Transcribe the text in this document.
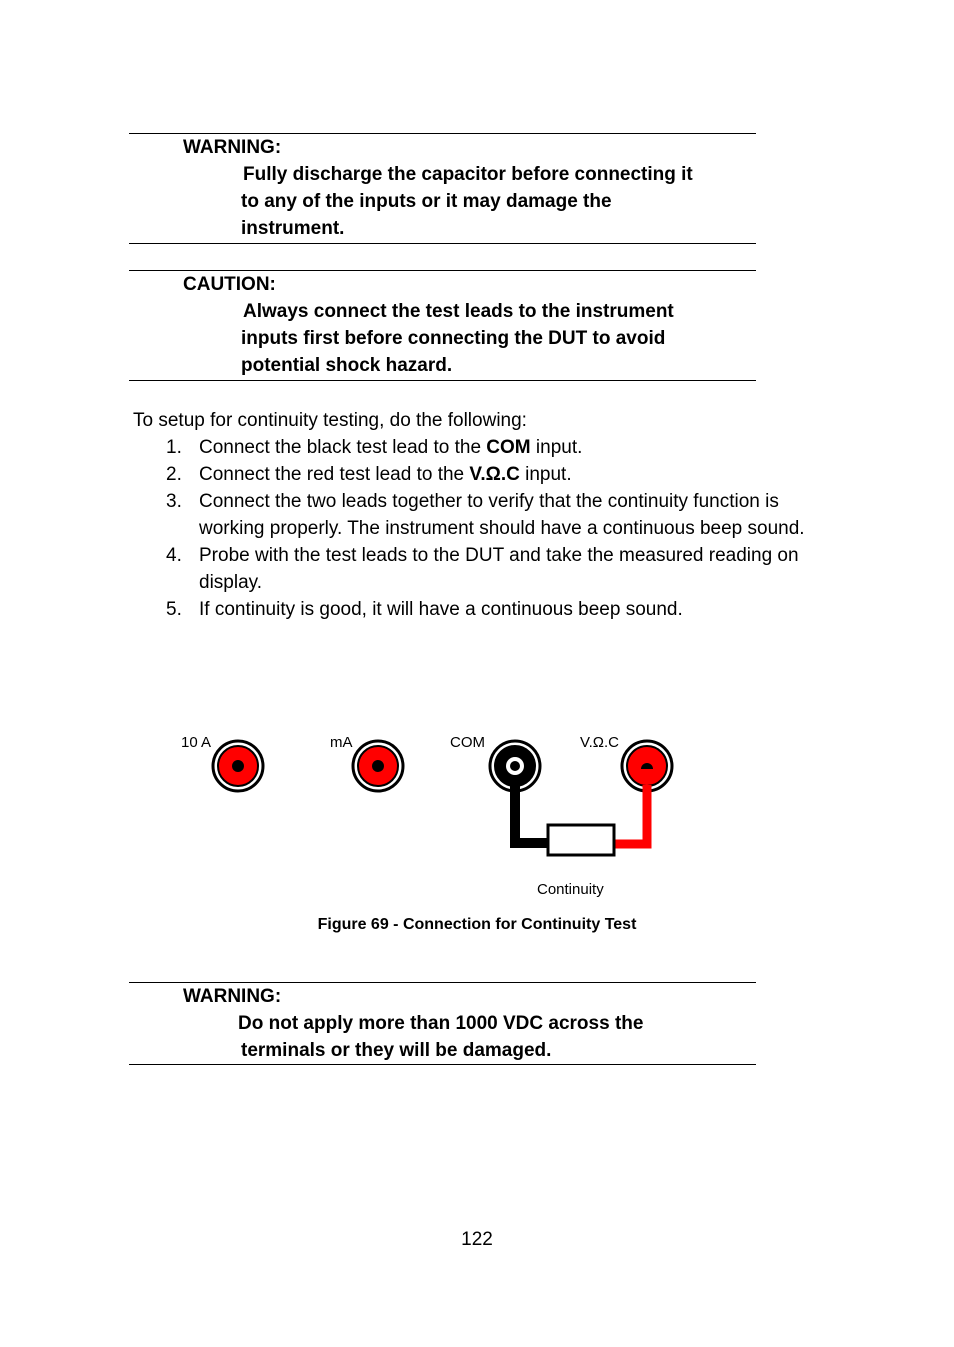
WARNING:

Fully discharge the capacitor before connecting it
to any of the inputs or it may damage the
instrument.

CAUTION:

Always connect the test leads to the instrument
inputs first before connecting the DUT to avoid
potential shock hazard.

To setup for continuity testing, do the following:

1. Connect the black test lead to the COM input.
2. Connect the red test lead to the V.Ω.C input.
3. Connect the two leads together to verify that the continuity function is working properly. The instrument should have a continuous beep sound.
4. Probe with the test leads to the DUT and take the measured reading on display.
5. If continuity is good, it will have a continuous beep sound.
10 A	mA	COM	V.Ω.C
Continuity

Figure 69 - Connection for Continuity Test

WARNING:

Do not apply more than 1000 VDC across the
terminals or they will be damaged.

122
